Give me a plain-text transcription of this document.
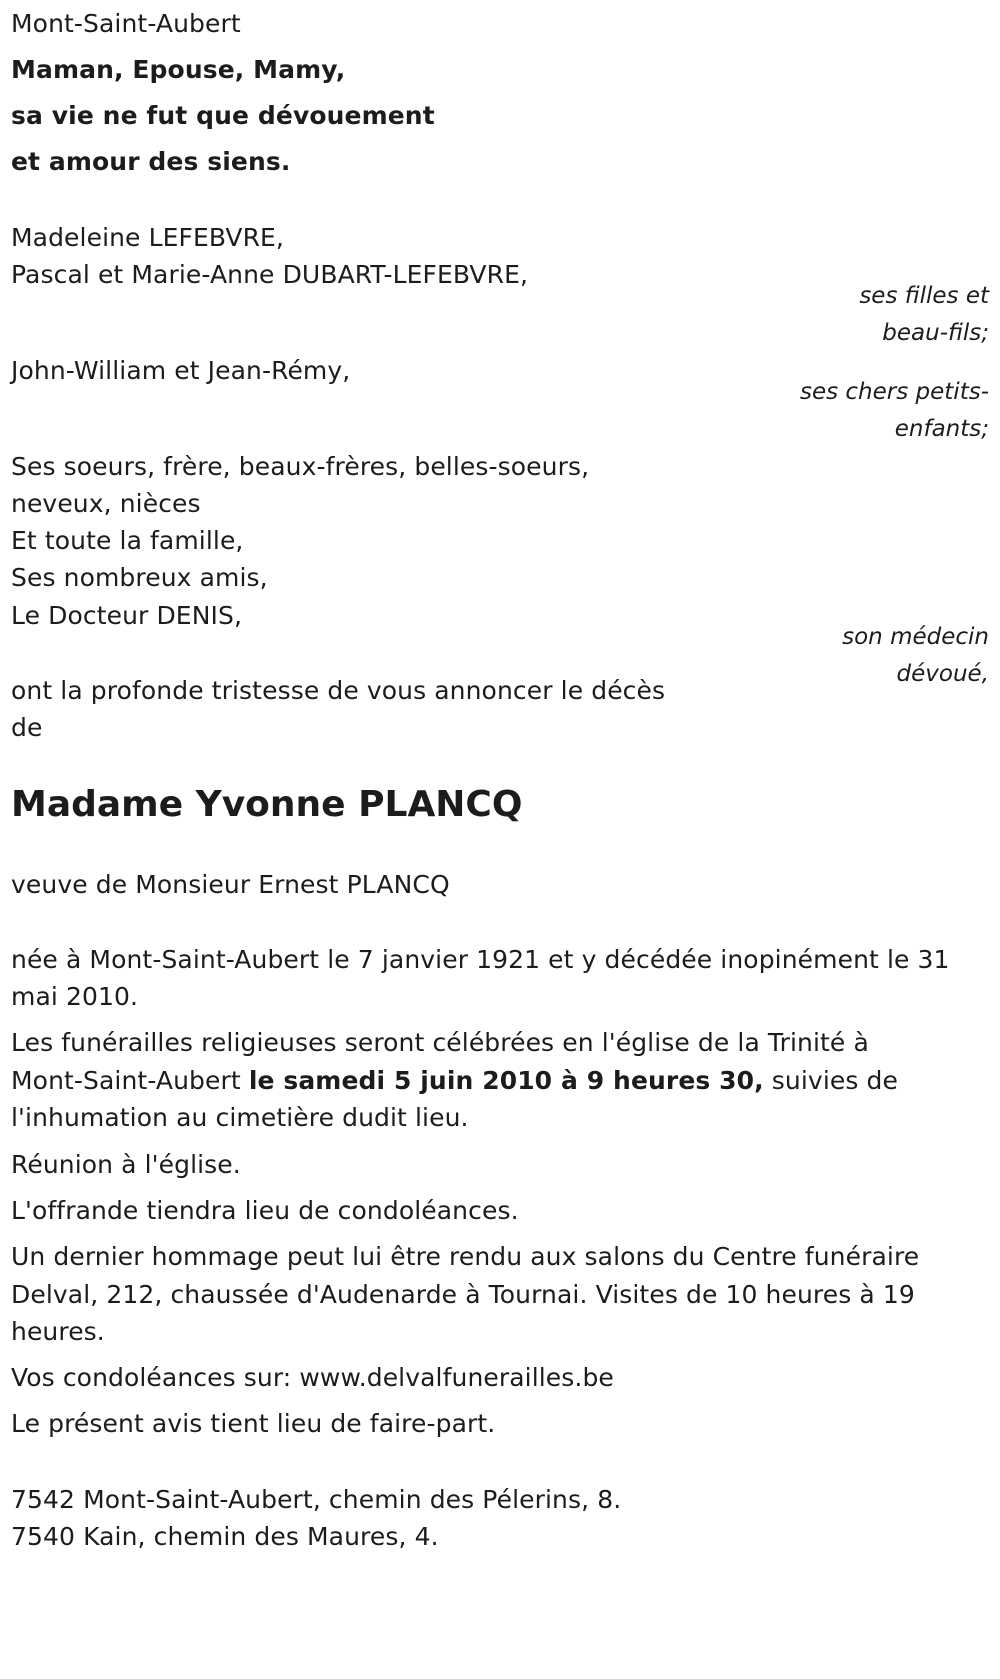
Mont-Saint-Aubert
Maman, Epouse, Mamy,
sa vie ne fut que dévouement
et amour des siens.
Madeleine LEFEBVRE,
Pascal et Marie-Anne DUBART-LEFEBVRE,
ses filles et
beau-fils;
John-William et Jean-Rémy,
ses chers petits-
enfants;
Ses soeurs, frère, beaux-frères, belles-soeurs,
neveux, nièces
Et toute la famille,
Ses nombreux amis,
Le Docteur DENIS,
son médecin
dévoué,
ont la profonde tristesse de vous annoncer le décès
de
Madame Yvonne PLANCQ
veuve de Monsieur Ernest PLANCQ
née à Mont-Saint-Aubert le 7 janvier 1921 et y décédée inopinément le 31
mai 2010.
Les funérailles religieuses seront célébrées en l'église de la Trinité à
Mont-Saint-Aubert le samedi 5 juin 2010 à 9 heures 30, suivies de
l'inhumation au cimetière dudit lieu.
Réunion à l'église.
L'offrande tiendra lieu de condoléances.
Un dernier hommage peut lui être rendu aux salons du Centre funéraire
Delval, 212, chaussée d'Audenarde à Tournai. Visites de 10 heures à 19
heures.
Vos condoléances sur: www.delvalfunerailles.be
Le présent avis tient lieu de faire-part.
7542 Mont-Saint-Aubert, chemin des Pélerins, 8.
7540 Kain, chemin des Maures, 4.
